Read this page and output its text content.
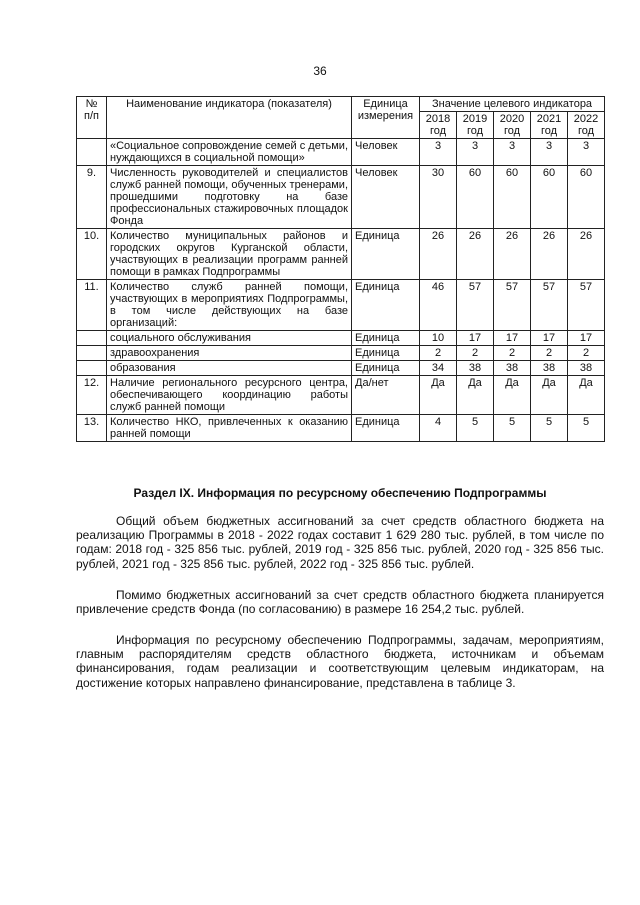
36
№ п/п	Наименование индикатора (показателя)	Единица измерения	Значение целевого индикатора				
			2018 год	2019 год	2020 год	2021 год	2022 год
	«Социальное сопровождение семей с детьми, нуждающихся в социальной помощи»	Человек	3	3	3	3	3
9.	Численность руководителей и специалистов служб ранней помощи, обученных тренерами, прошедшими подготовку на базе профессиональных стажировочных площадок Фонда	Человек	30	60	60	60	60
10.	Количество муниципальных районов и городских округов Курганской области, участвующих в реализации программ ранней помощи в рамках Подпрограммы	Единица	26	26	26	26	26
11.	Количество служб ранней помощи, участвующих в мероприятиях Подпрограммы, в том числе действующих на базе организаций:	Единица	46	57	57	57	57
	социального обслуживания	Единица	10	17	17	17	17
	здравоохранения	Единица	2	2	2	2	2
	образования	Единица	34	38	38	38	38
12.	Наличие регионального ресурсного центра, обеспечивающего координацию работы служб ранней помощи	Да/нет	Да	Да	Да	Да	Да
13.	Количество НКО, привлеченных к оказанию ранней помощи	Единица	4	5	5	5	5
Раздел IX. Информация по ресурсному обеспечению Подпрограммы

Общий объем бюджетных ассигнований за счет средств областного бюджета на реализацию Программы в 2018 - 2022 годах составит 1 629 280 тыс. рублей, в том числе по годам: 2018 год - 325 856 тыс. рублей, 2019 год - 325 856 тыс. рублей, 2020 год - 325 856 тыс. рублей, 2021 год - 325 856 тыс. рублей, 2022 год - 325 856 тыс. рублей.

Помимо бюджетных ассигнований за счет средств областного бюджета планируется привлечение средств Фонда (по согласованию) в размере 16 254,2 тыс. рублей.

Информация по ресурсному обеспечению Подпрограммы, задачам, мероприятиям, главным распорядителям средств областного бюджета, источникам и объемам финансирования, годам реализации и соответствующим целевым индикаторам, на достижение которых направлено финансирование, представлена в таблице 3.
